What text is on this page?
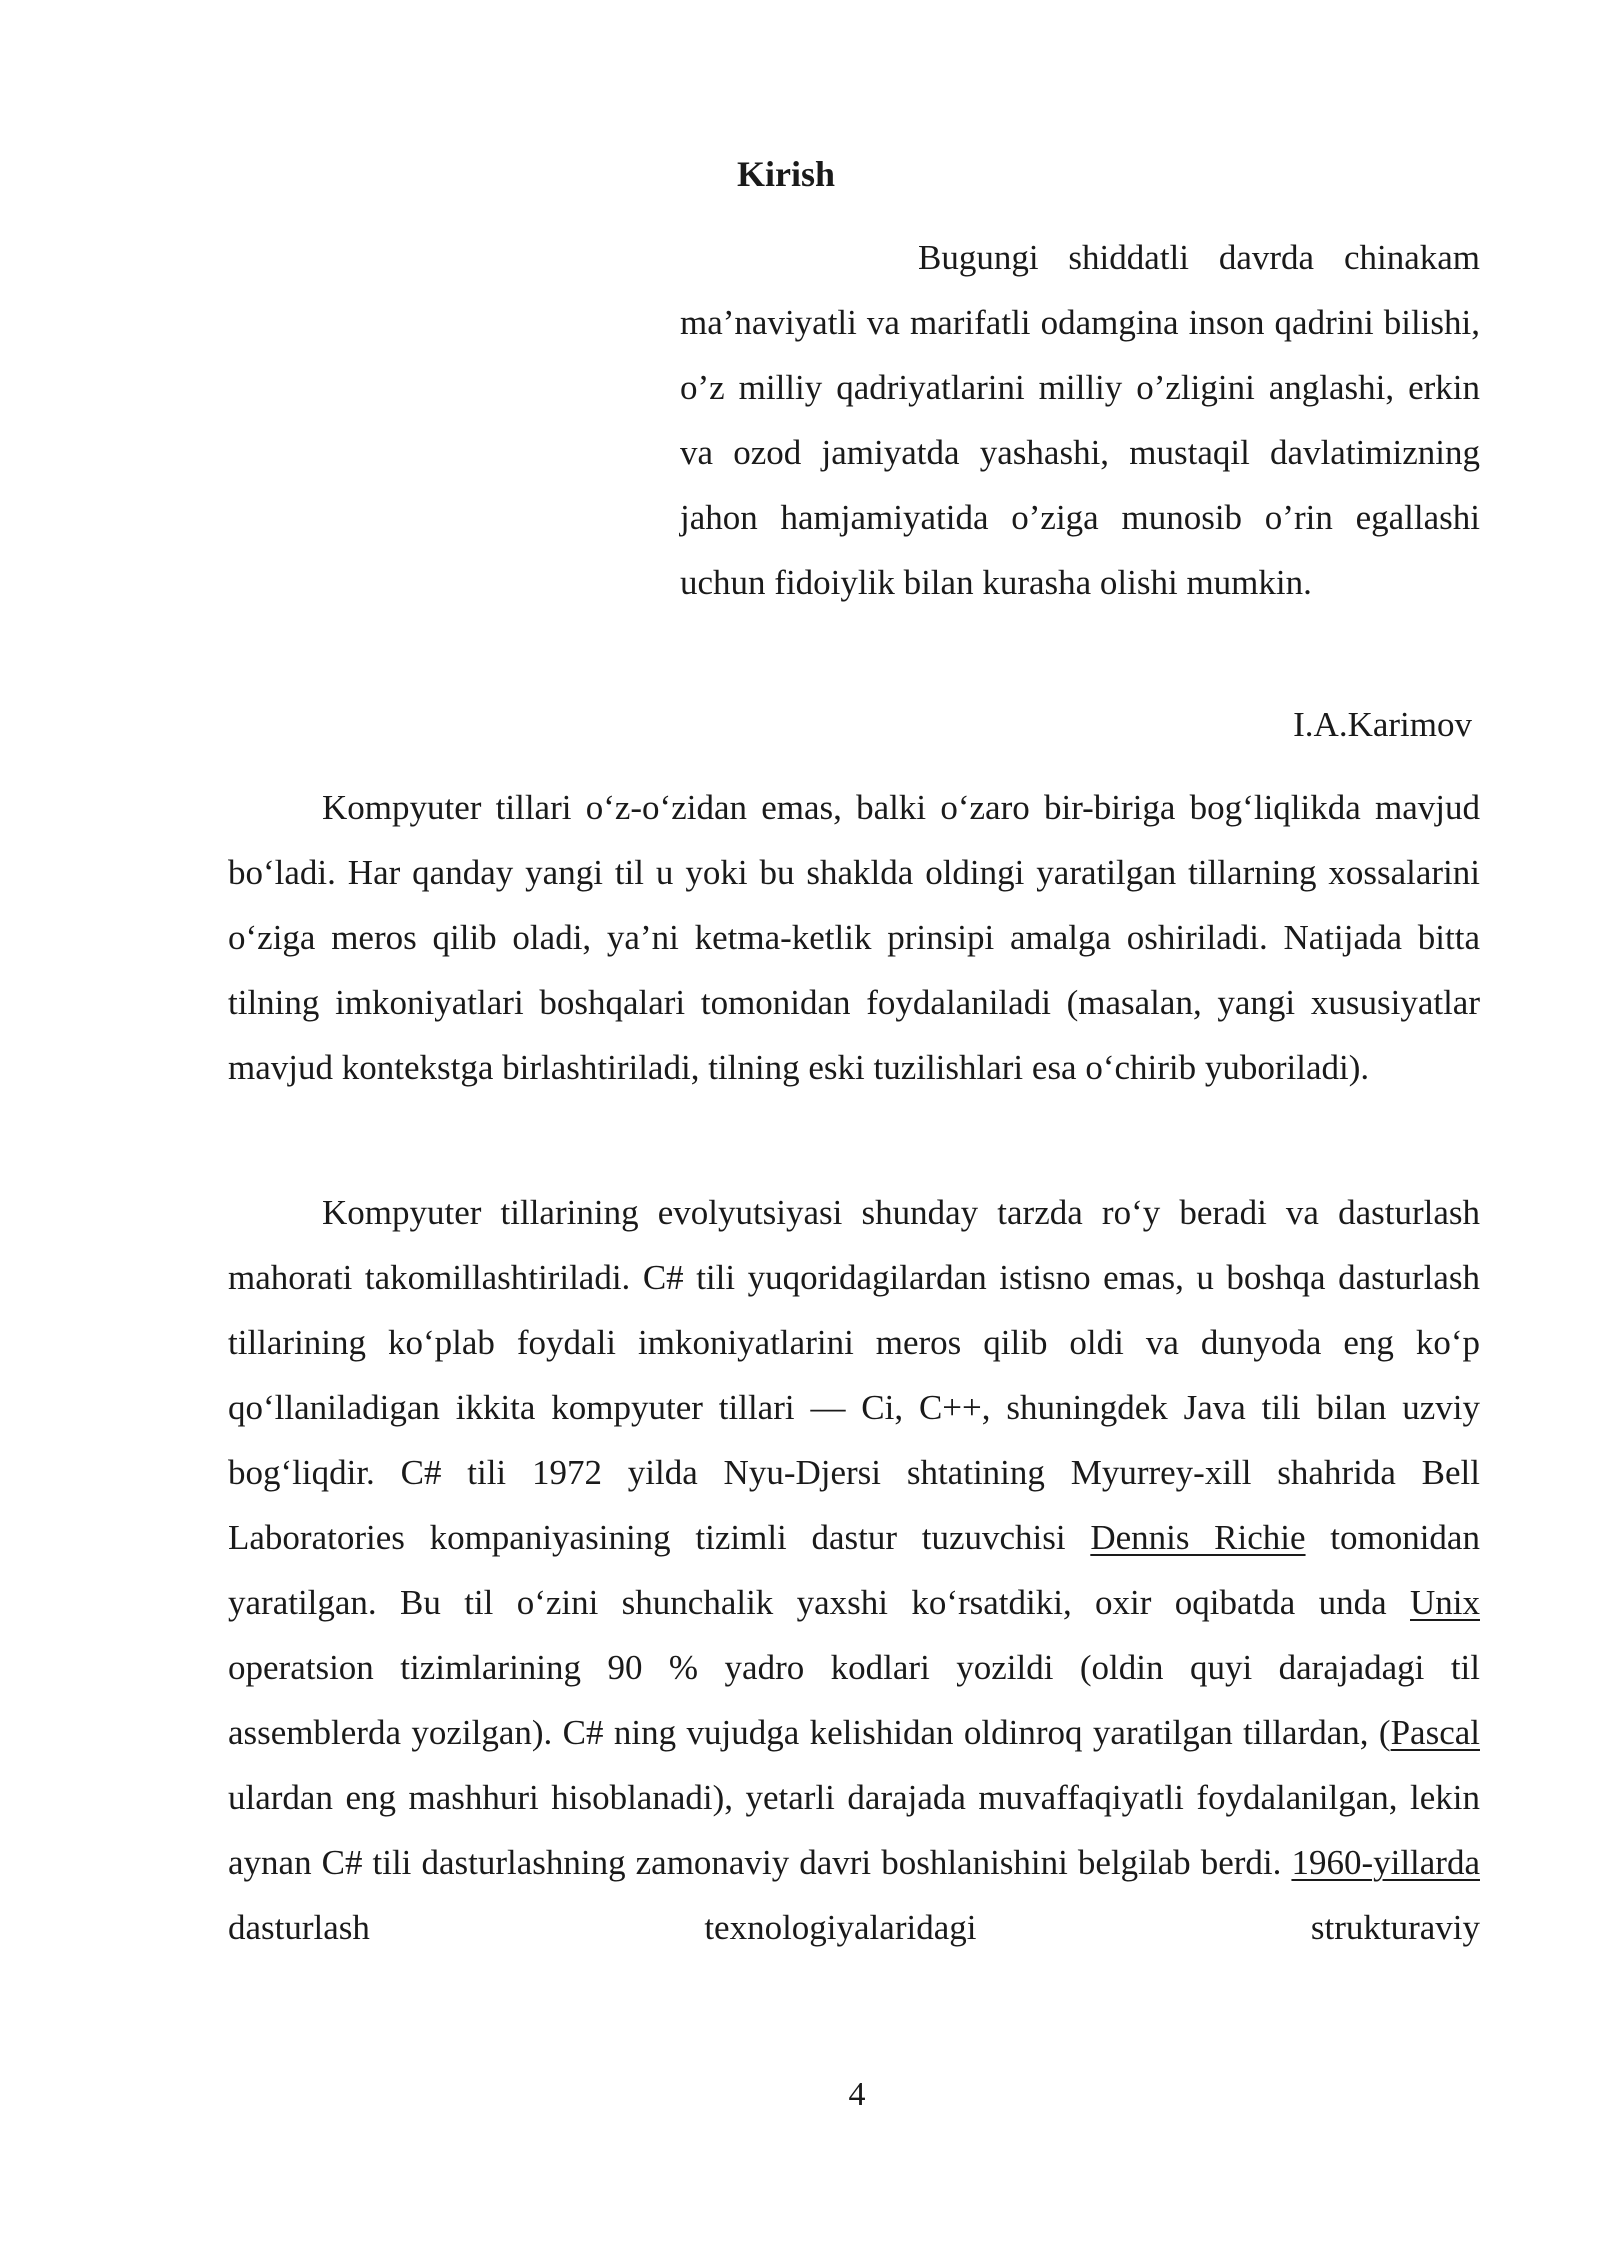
Kirish

Bugungi shiddatli davrda chinakam ma’naviyatli va marifatli odamgina inson qadrini bilishi, o’z milliy qadriyatlarini milliy o’zligini anglashi, erkin va ozod jamiyatda yashashi, mustaqil davlatimizning jahon hamjamiyatida o’ziga munosib o’rin egallashi uchun fidoiylik bilan kurasha olishi mumkin.

I.A.Karimov

Kompyuter tillari o‘z-o‘zidan emas, balki o‘zaro bir-biriga bog‘liqlikda mavjud bo‘ladi. Har qanday yangi til u yoki bu shaklda oldingi yaratilgan tillarning xossalarini o‘ziga meros qilib oladi, ya’ni ketma-ketlik prinsipi amalga oshiriladi. Natijada bitta tilning imkoniyatlari boshqalari tomonidan foydalaniladi (masalan, yangi xususiyatlar mavjud kontekstga birlashtiriladi, tilning eski tuzilishlari esa o‘chirib yuboriladi).

Kompyuter tillarining evolyutsiyasi shunday tarzda ro‘y beradi va dasturlash mahorati takomillashtiriladi. C# tili yuqoridagilardan istisno emas, u boshqa dasturlash tillarining ko‘plab foydali imkoniyatlarini meros qilib oldi va dunyoda eng ko‘p qo‘llaniladigan ikkita kompyuter tillari — Ci, C++, shuningdek Java tili bilan uzviy bog‘liqdir. C# tili 1972 yilda Nyu-Djersi shtatining Myurrey-xill shahrida Bell Laboratories kompaniyasining tizimli dastur tuzuvchisi Dennis Richie tomonidan yaratilgan. Bu til o‘zini shunchalik yaxshi ko‘rsatdiki, oxir oqibatda unda Unix operatsion tizimlarining 90 % yadro kodlari yozildi (oldin quyi darajadagi til assemblerda yozilgan). C# ning vujudga kelishidan oldinroq yaratilgan tillardan, (Pascal ulardan eng mashhuri hisoblanadi), yetarli darajada muvaffaqiyatli foydalanilgan, lekin aynan C# tili dasturlashning zamonaviy davri boshlanishini belgilab berdi. 1960-yillarda dasturlash texnologiyalaridagi strukturaviy

4
